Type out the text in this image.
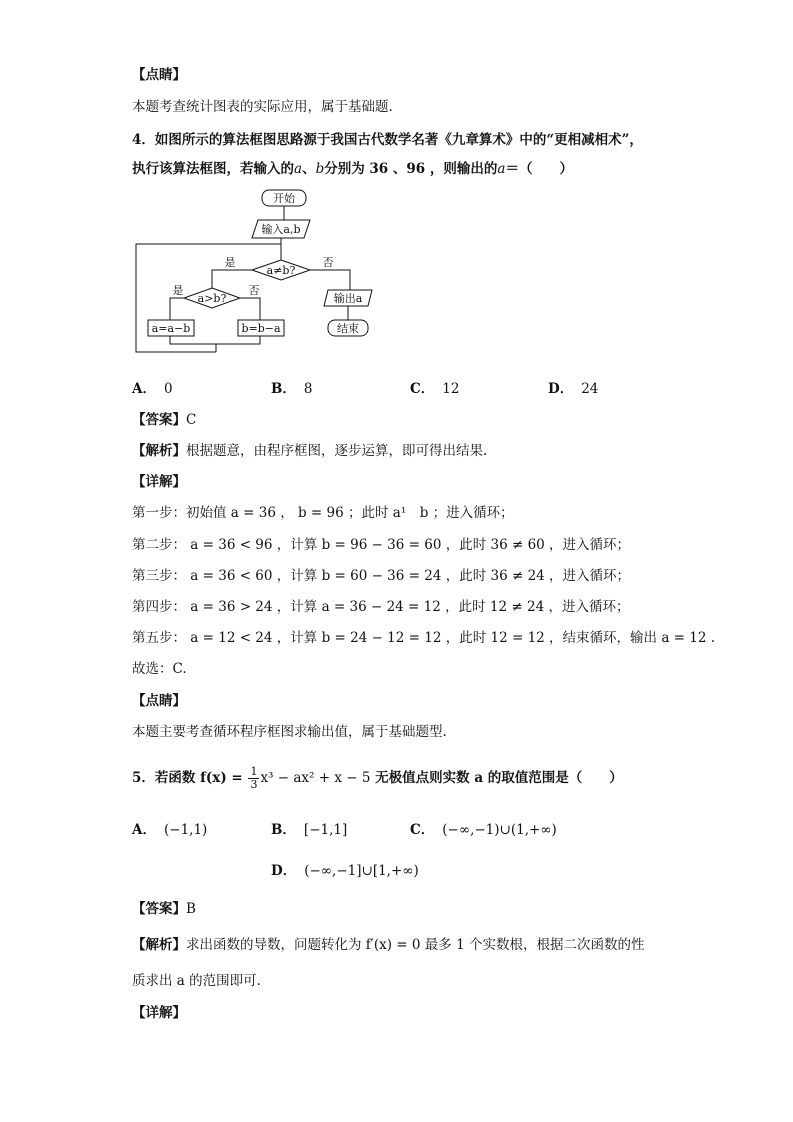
【点睛】
本题考查统计图表的实际应用，属于基础题.
4．如图所示的算法框图思路源于我国古代数学名著《九章算术》中的“更相减相术”，
执行该算法框图，若输入的a、b分别为 36 、96 ，则输出的a＝（　　）
开始
输入a,b
a≠b?
是	否
a>b?
是	否
a=a−b	b=b−a
输出a
结束
A． 0	B． 8	C． 12	D． 24
【答案】C
【解析】根据题意，由程序框图，逐步运算，即可得出结果.
【详解】
第一步：初始值 a = 36 ， b = 96 ；此时 a¹　b ；进入循环；
第二步： a = 36 < 96 ，计算 b = 96 − 36 = 60 ，此时 36 ≠ 60 ，进入循环；
第三步： a = 36 < 60 ，计算 b = 60 − 36 = 24 ，此时 36 ≠ 24 ，进入循环；
第四步： a = 36 > 24 ，计算 a = 36 − 24 = 12 ，此时 12 ≠ 24 ，进入循环；
第五步： a = 12 < 24 ，计算 b = 24 − 12 = 12 ，此时 12 = 12 ，结束循环，输出 a = 12 .
故选：C.
【点睛】
本题主要考查循环程序框图求输出值，属于基础题型.
5．若函数 $f(x) = \frac{1}{3} x^3 - ax^2 + x - 5$ 无极值点则实数 a 的取值范围是（　　）
A． (−1,1)	B． [−1,1]	C． (−∞,−1)∪(1,+∞)
D． (−∞,−1]∪[1,+∞)
【答案】B
【解析】求出函数的导数，问题转化为 f′(x) = 0 最多 1 个实数根，根据二次函数的性
质求出 a 的范围即可.
【详解】
